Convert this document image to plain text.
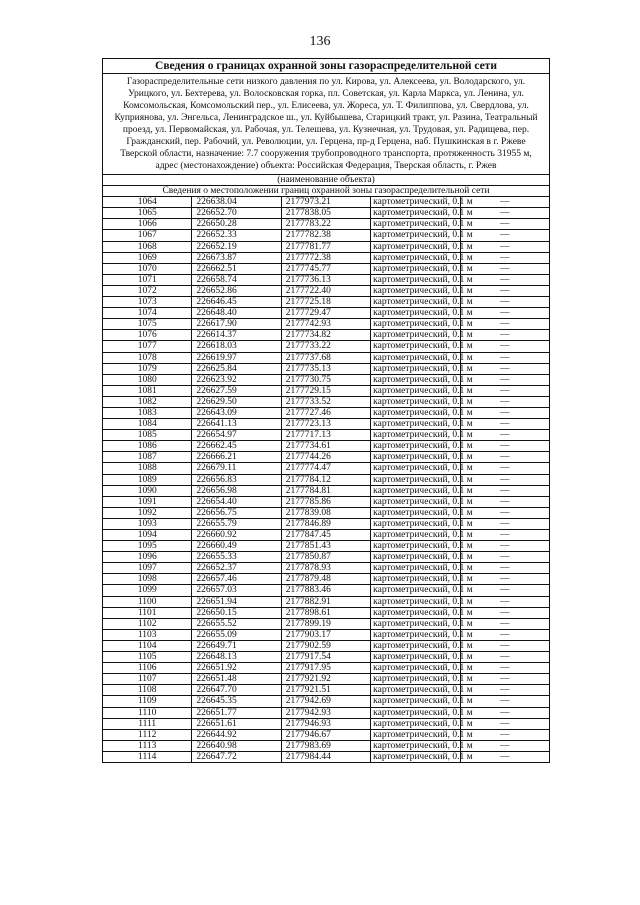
136
Сведения о границах охранной зоны газораспределительной сети				
Газораспределительные сети низкого давления по ул. Кирова, ул. Алексеева, ул. Володарского, ул. Урицкого, ул. Бехтерева, ул. Волосковская горка, пл. Советская, ул. Карла Маркса, ул. Ленина, ул. Комсомольская, Комсомольский пер., ул. Елисеева, ул. Жореса, ул. Т. Филиппова, ул. Свердлова, ул. Куприянова, ул. Энгельса, Ленинградское ш., ул. Куйбышева, Старицкий тракт, ул. Разина, Театральный проезд, ул. Первомайская, ул. Рабочая, ул. Телешева, ул. Кузнечная, ул. Трудовая, ул. Радищева, пер. Гражданский, пер. Рабочий, ул. Революции, ул. Герцена, пр-д Герцена, наб. Пушкинская в г. Ржеве Тверской области, назначение: 7.7 сооружения трубопроводного транспорта, протяженность 31955 м, адрес (местонахождение) объекта: Российская Федерация, Тверская область, г. Ржев				
(наименование объекта)				
Сведения о местоположении границ охранной зоны газораспределительной сети				
1064	226638.04	2177973.21	картометрический, 0.1 м	—
1065	226652.70	2177838.05	картометрический, 0.1 м	—
1066	226650.28	2177783.22	картометрический, 0.1 м	—
1067	226652.33	2177782.38	картометрический, 0.1 м	—
1068	226652.19	2177781.77	картометрический, 0.1 м	—
1069	226673.87	2177772.38	картометрический, 0.1 м	—
1070	226662.51	2177745.77	картометрический, 0.1 м	—
1071	226658.74	2177736.13	картометрический, 0.1 м	—
1072	226652.86	2177722.40	картометрический, 0.1 м	—
1073	226646.45	2177725.18	картометрический, 0.1 м	—
1074	226648.40	2177729.47	картометрический, 0.1 м	—
1075	226617.90	2177742.93	картометрический, 0.1 м	—
1076	226614.37	2177734.82	картометрический, 0.1 м	—
1077	226618.03	2177733.22	картометрический, 0.1 м	—
1078	226619.97	2177737.68	картометрический, 0.1 м	—
1079	226625.84	2177735.13	картометрический, 0.1 м	—
1080	226623.92	2177730.75	картометрический, 0.1 м	—
1081	226627.59	2177729.15	картометрический, 0.1 м	—
1082	226629.50	2177733.52	картометрический, 0.1 м	—
1083	226643.09	2177727.46	картометрический, 0.1 м	—
1084	226641.13	2177723.13	картометрический, 0.1 м	—
1085	226654.97	2177717.13	картометрический, 0.1 м	—
1086	226662.45	2177734.61	картометрический, 0.1 м	—
1087	226666.21	2177744.26	картометрический, 0.1 м	—
1088	226679.11	2177774.47	картометрический, 0.1 м	—
1089	226656.83	2177784.12	картометрический, 0.1 м	—
1090	226656.98	2177784.81	картометрический, 0.1 м	—
1091	226654.40	2177785.86	картометрический, 0.1 м	—
1092	226656.75	2177839.08	картометрический, 0.1 м	—
1093	226655.79	2177846.89	картометрический, 0.1 м	—
1094	226660.92	2177847.45	картометрический, 0.1 м	—
1095	226660.49	2177851.43	картометрический, 0.1 м	—
1096	226655.33	2177850.87	картометрический, 0.1 м	—
1097	226652.37	2177878.93	картометрический, 0.1 м	—
1098	226657.46	2177879.48	картометрический, 0.1 м	—
1099	226657.03	2177883.46	картометрический, 0.1 м	—
1100	226651.94	2177882.91	картометрический, 0.1 м	—
1101	226650.15	2177898.61	картометрический, 0.1 м	—
1102	226655.52	2177899.19	картометрический, 0.1 м	—
1103	226655.09	2177903.17	картометрический, 0.1 м	—
1104	226649.71	2177902.59	картометрический, 0.1 м	—
1105	226648.13	2177917.54	картометрический, 0.1 м	—
1106	226651.92	2177917.95	картометрический, 0.1 м	—
1107	226651.48	2177921.92	картометрический, 0.1 м	—
1108	226647.70	2177921.51	картометрический, 0.1 м	—
1109	226645.35	2177942.69	картометрический, 0.1 м	—
1110	226651.77	2177942.93	картометрический, 0.1 м	—
1111	226651.61	2177946.93	картометрический, 0.1 м	—
1112	226644.92	2177946.67	картометрический, 0.1 м	—
1113	226640.98	2177983.69	картометрический, 0.1 м	—
1114	226647.72	2177984.44	картометрический, 0.1 м	—
